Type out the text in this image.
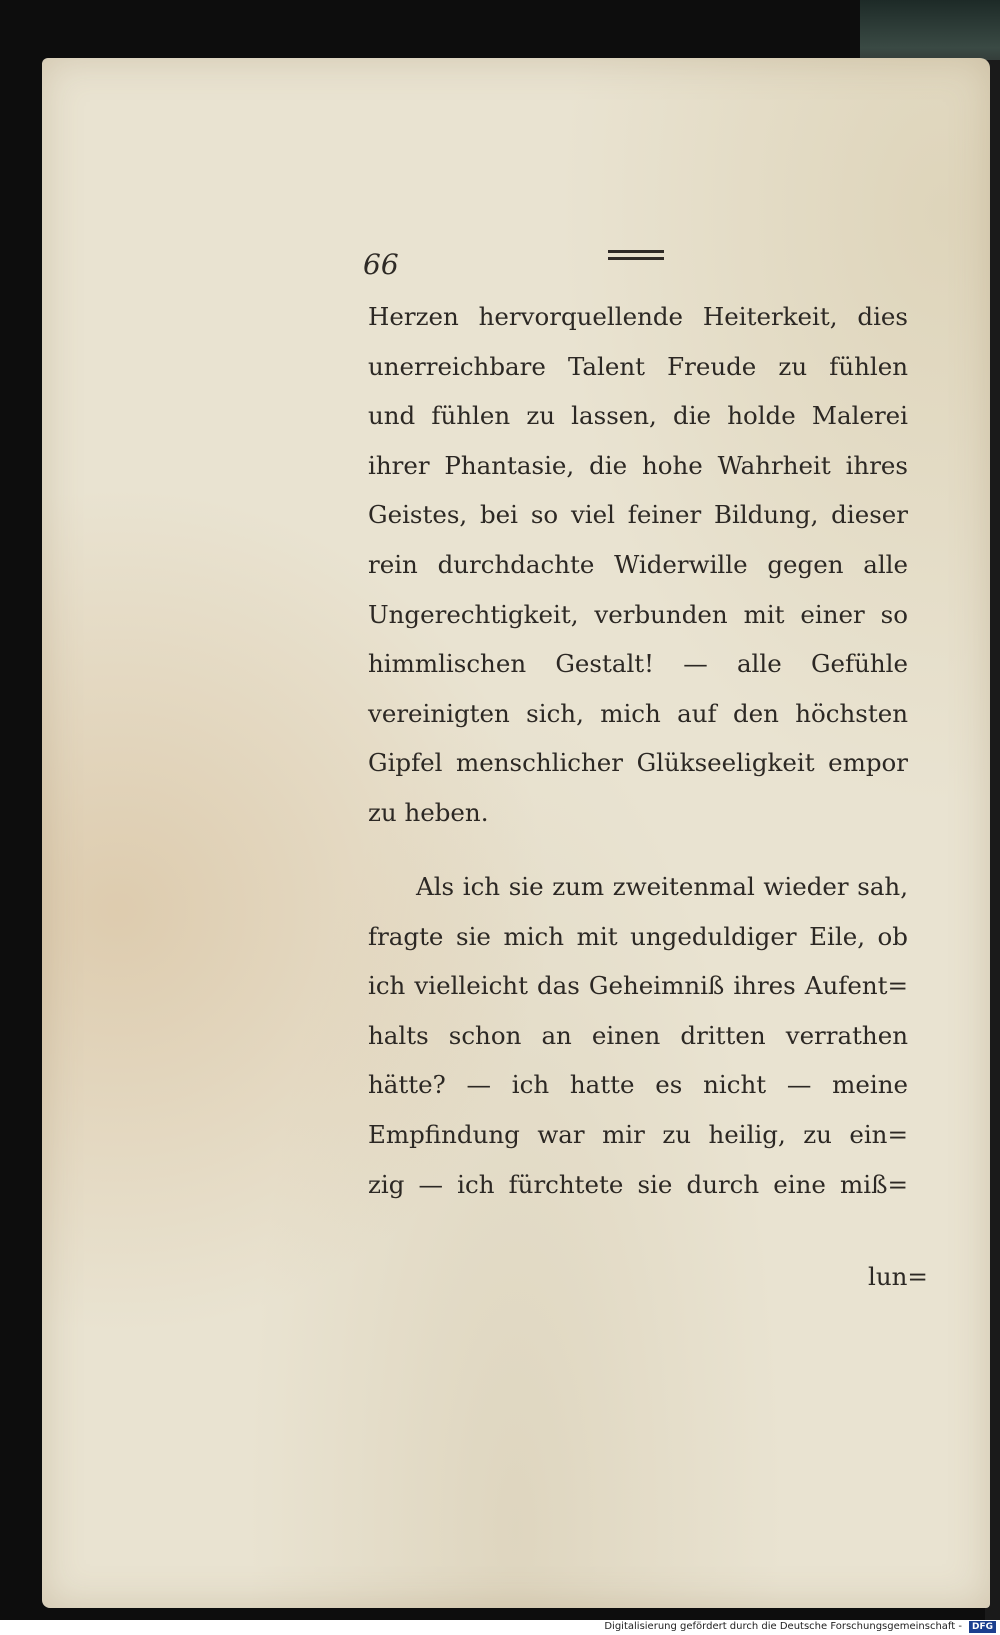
66
Herzen hervorquellende Heiterkeit, dies
unerreichbare Talent Freude zu fühlen
und fühlen zu lassen, die holde Malerei
ihrer Phantasie, die hohe Wahrheit ihres
Geistes, bei so viel feiner Bildung, dieser
rein durchdachte Widerwille gegen alle
Ungerechtigkeit, verbunden mit einer so
himmlischen Gestalt! — alle Gefühle
vereinigten sich, mich auf den höchsten
Gipfel menschlicher Glükseeligkeit empor
zu heben.
Als ich sie zum zweitenmal wieder sah,
fragte sie mich mit ungeduldiger Eile, ob
ich vielleicht das Geheimniß ihres Aufent=
halts schon an einen dritten verrathen
hätte? — ich hatte es nicht — meine
Empfindung war mir zu heilig, zu ein=
zig — ich fürchtete sie durch eine miß=
lun=
Digitalisierung gefördert durch die Deutsche Forschungsgemeinschaft -	DFG
